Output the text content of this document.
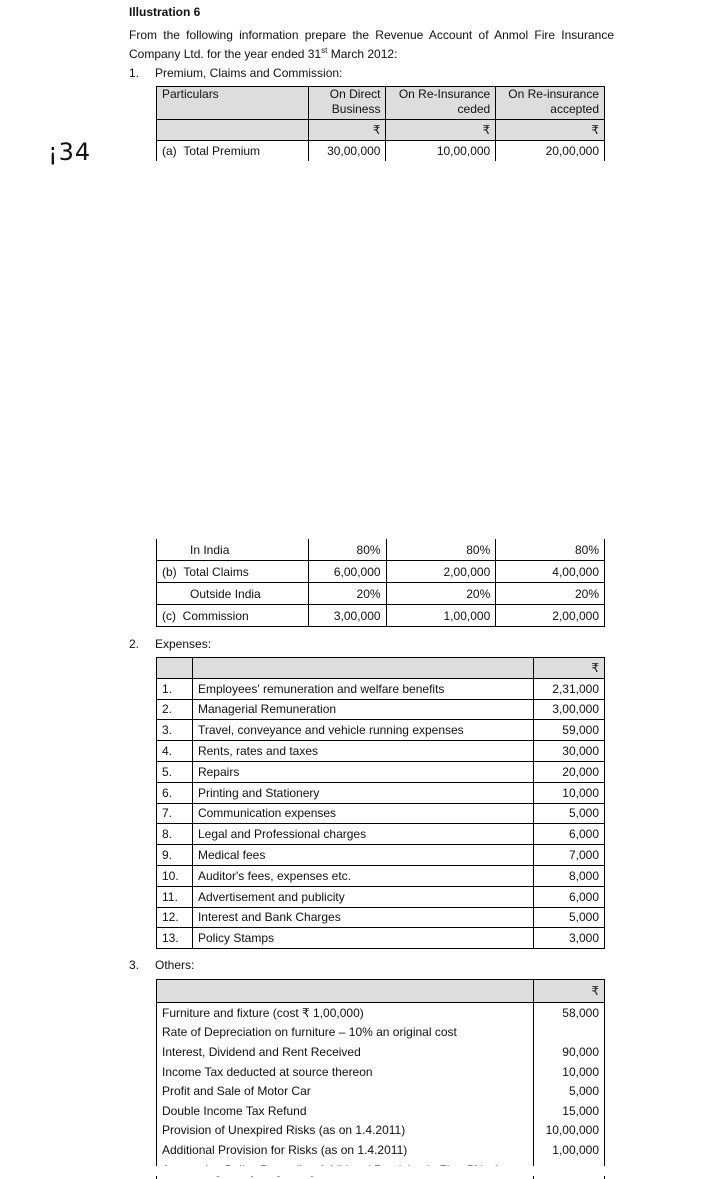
Illustration 6
From the following information prepare the Revenue Account of Anmol Fire Insurance Company Ltd. for the year ended 31st March 2012:
1. Premium, Claims and Commission:
¡34
Particulars	On Direct Business	On Re-Insurance ceded	On Re-insurance accepted
	₹	₹	₹
(a) Total Premium	30,00,000	10,00,000	20,00,000
In India	80%	80%	80%
(b) Total Claims	6,00,000	2,00,000	4,00,000
Outside India	20%	20%	20%
(c) Commission	3,00,000	1,00,000	2,00,000
2. Expenses:
		₹
1.	Employees' remuneration and welfare benefits	2,31,000
2.	Managerial Remuneration	3,00,000
3.	Travel, conveyance and vehicle running expenses	59,000
4.	Rents, rates and taxes	30,000
5.	Repairs	20,000
6.	Printing and Stationery	10,000
7.	Communication expenses	5,000
8.	Legal and Professional charges	6,000
9.	Medical fees	7,000
10.	Auditor's fees, expenses etc.	8,000
11.	Advertisement and publicity	6,000
12.	Interest and Bank Charges	5,000
13.	Policy Stamps	3,000
3. Others:
	₹
Furniture and fixture (cost ₹ 1,00,000)	58,000
Rate of Depreciation on furniture – 10% an original cost	
Interest, Dividend and Rent Received	90,000
Income Tax deducted at source thereon	10,000
Profit and Sale of Motor Car	5,000
Double Income Tax Refund	15,000
Provision of Unexpired Risks (as on 1.4.2011)	10,00,000
Additional Provision for Risks (as on 1.4.2011)	1,00,000
